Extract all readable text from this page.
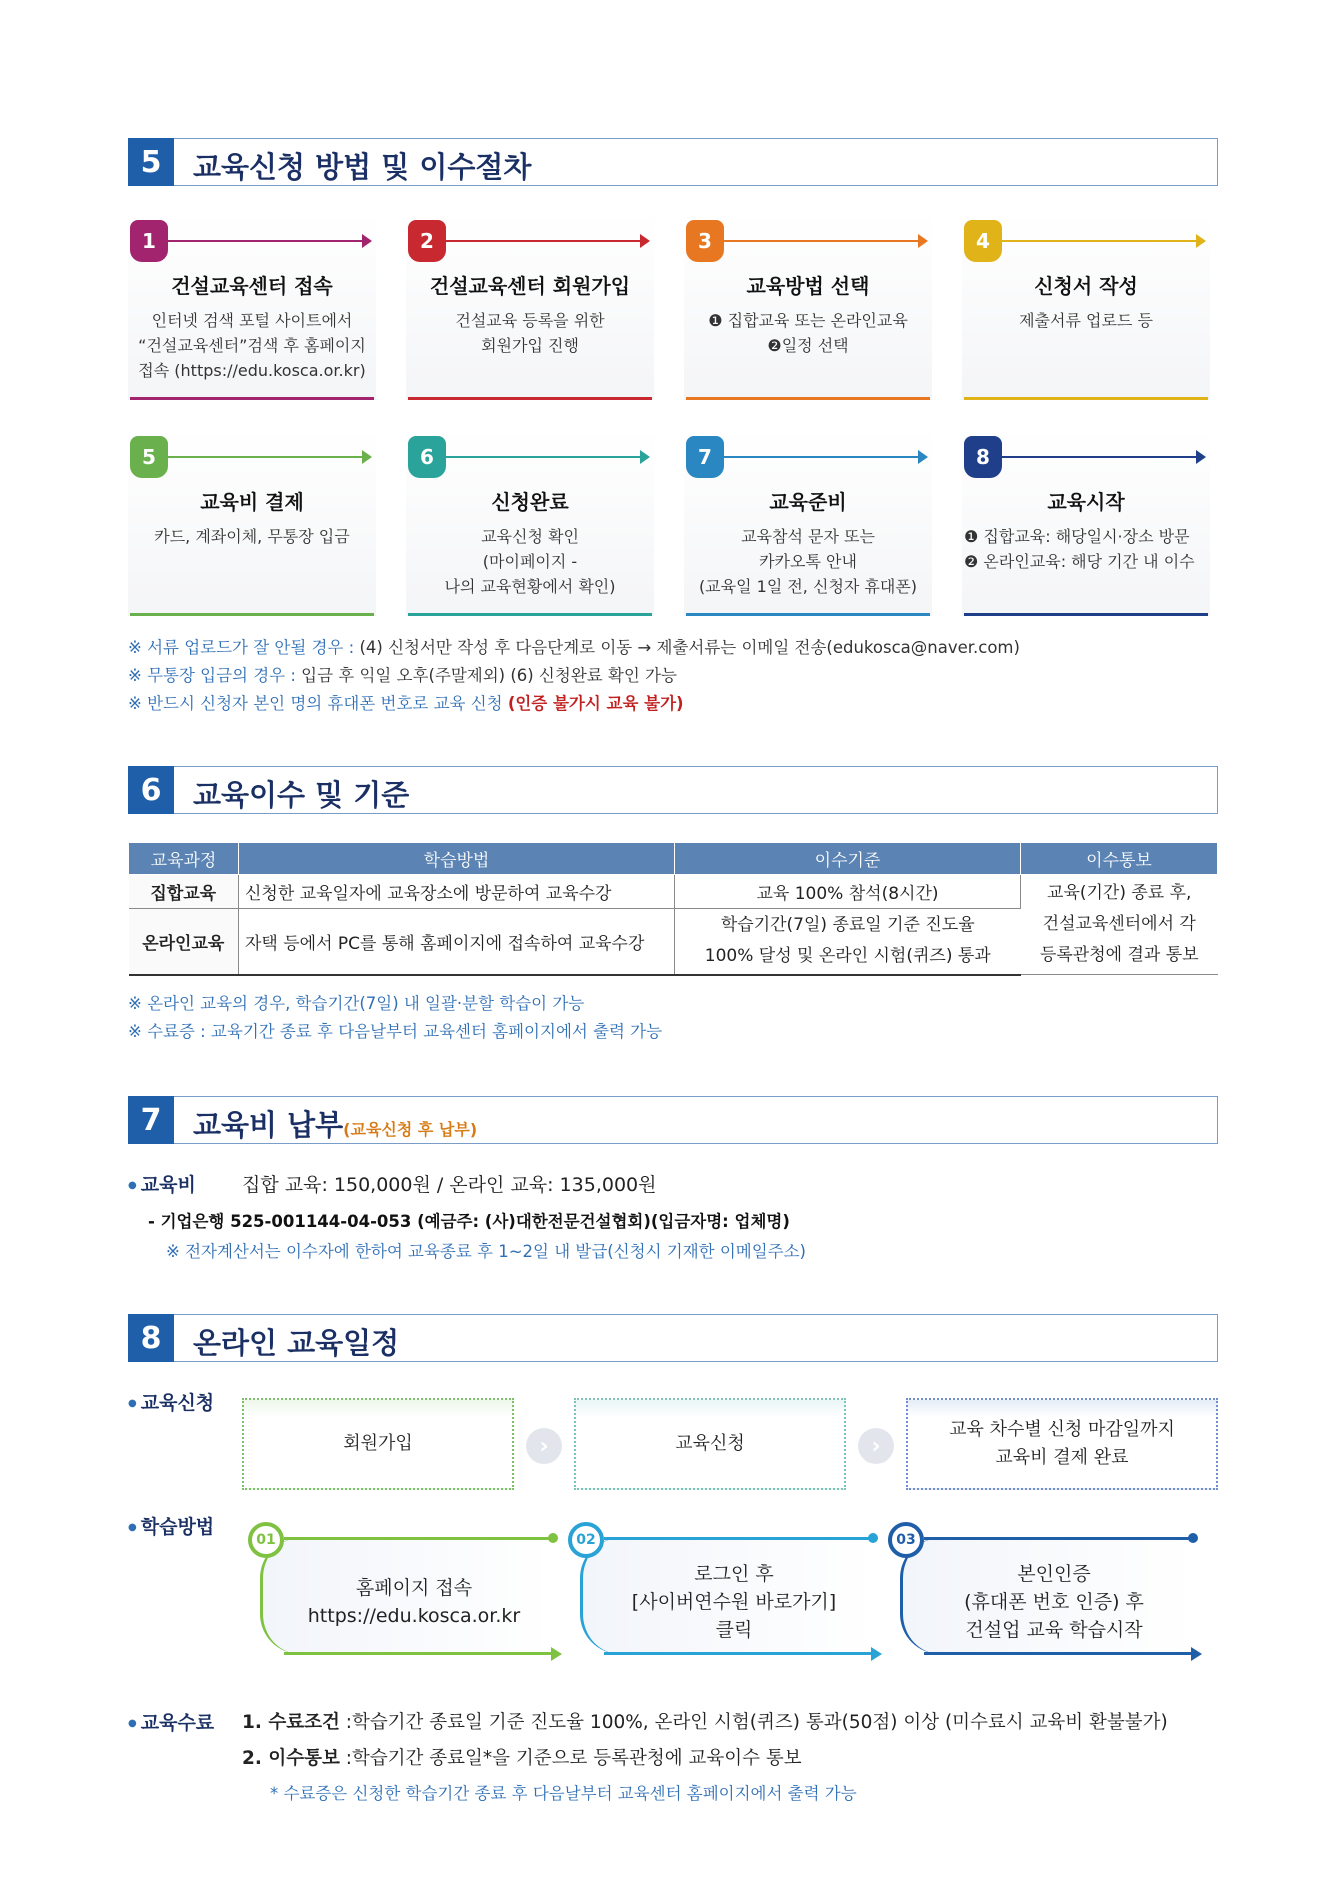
5	교육신청 방법 및 이수절차
1
건설교육센터 접속
인터넷 검색 포털 사이트에서
“건설교육센터”검색 후 홈페이지
접속 (https://edu.kosca.or.kr)
2
건설교육센터 회원가입
건설교육 등록을 위한
회원가입 진행
3
교육방법 선택
❶ 집합교육 또는 온라인교육
❷일정 선택
4
신청서 작성
제출서류 업로드 등
5
교육비 결제
카드, 계좌이체, 무통장 입금
6
신청완료
교육신청 확인
(마이페이지 -
나의 교육현황에서 확인)
7
교육준비
교육참석 문자 또는
카카오톡 안내
(교육일 1일 전, 신청자 휴대폰)
8
교육시작
❶ 집합교육: 해당일시·장소 방문
❷ 온라인교육: 해당 기간 내 이수
※ 서류 업로드가 잘 안될 경우 : (4) 신청서만 작성 후 다음단계로 이동 → 제출서류는 이메일 전송(edukosca@naver.com)
※ 무통장 입금의 경우 : 입금 후 익일 오후(주말제외) (6) 신청완료 확인 가능
※ 반드시 신청자 본인 명의 휴대폰 번호로 교육 신청 (인증 불가시 교육 불가)
6	교육이수 및 기준
교육과정	학습방법	이수기준	이수통보
집합교육	신청한 교육일자에 교육장소에 방문하여 교육수강	교육 100% 참석(8시간)	교육(기간) 종료 후,
건설교육센터에서 각
등록관청에 결과 통보
온라인교육	자택 등에서 PC를 통해 홈페이지에 접속하여 교육수강	학습기간(7일) 종료일 기준 진도율
100% 달성 및 온라인 시험(퀴즈) 통과	
※ 온라인 교육의 경우, 학습기간(7일) 내 일괄·분할 학습이 가능
※ 수료증 : 교육기간 종료 후 다음날부터 교육센터 홈페이지에서 출력 가능
7	교육비 납부(교육신청 후 납부)
● 교육비 집합 교육: 150,000원 / 온라인 교육: 135,000원
- 기업은행 525-001144-04-053 (예금주: (사)대한전문건설협회)(입금자명: 업체명)
※ 전자계산서는 이수자에 한하여 교육종료 후 1~2일 내 발급(신청시 기재한 이메일주소)
8	온라인 교육일정
● 교육신청
회원가입	›	교육신청	›
교육 차수별 신청 마감일까지
교육비 결제 완료
● 학습방법
01
홈페이지 접속
https://edu.kosca.or.kr
02
로그인 후
[사이버연수원 바로가기]
클릭
03
본인인증
(휴대폰 번호 인증) 후
건설업 교육 학습시작
● 교육수료 1. 수료조건 :학습기간 종료일 기준 진도율 100%, 온라인 시험(퀴즈) 통과(50점) 이상 (미수료시 교육비 환불불가)
2. 이수통보 :학습기간 종료일*을 기준으로 등록관청에 교육이수 통보
* 수료증은 신청한 학습기간 종료 후 다음날부터 교육센터 홈페이지에서 출력 가능
